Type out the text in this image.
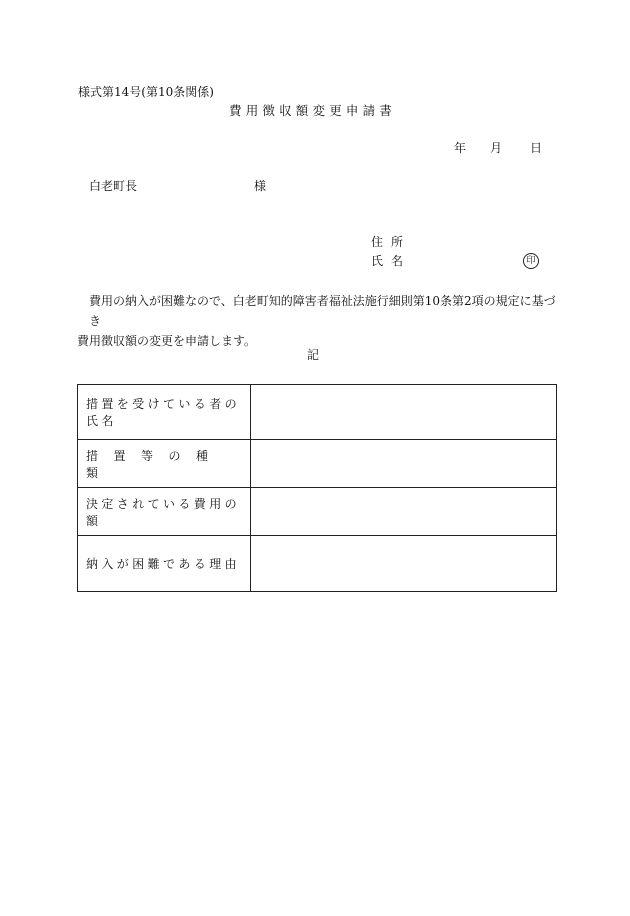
様式第14号(第10条関係)
費用徴収額変更申請書
年 月 日
白老町長	様
住所
氏名	印

費用の納入が困難なので、白老町知的障害者福祉法施行細則第10条第2項の規定に基づき

費用徴収額の変更を申請します。

記
措置を受けている者の氏名	
措置等の種類	
決定されている費用の額	
納入が困難である理由	
